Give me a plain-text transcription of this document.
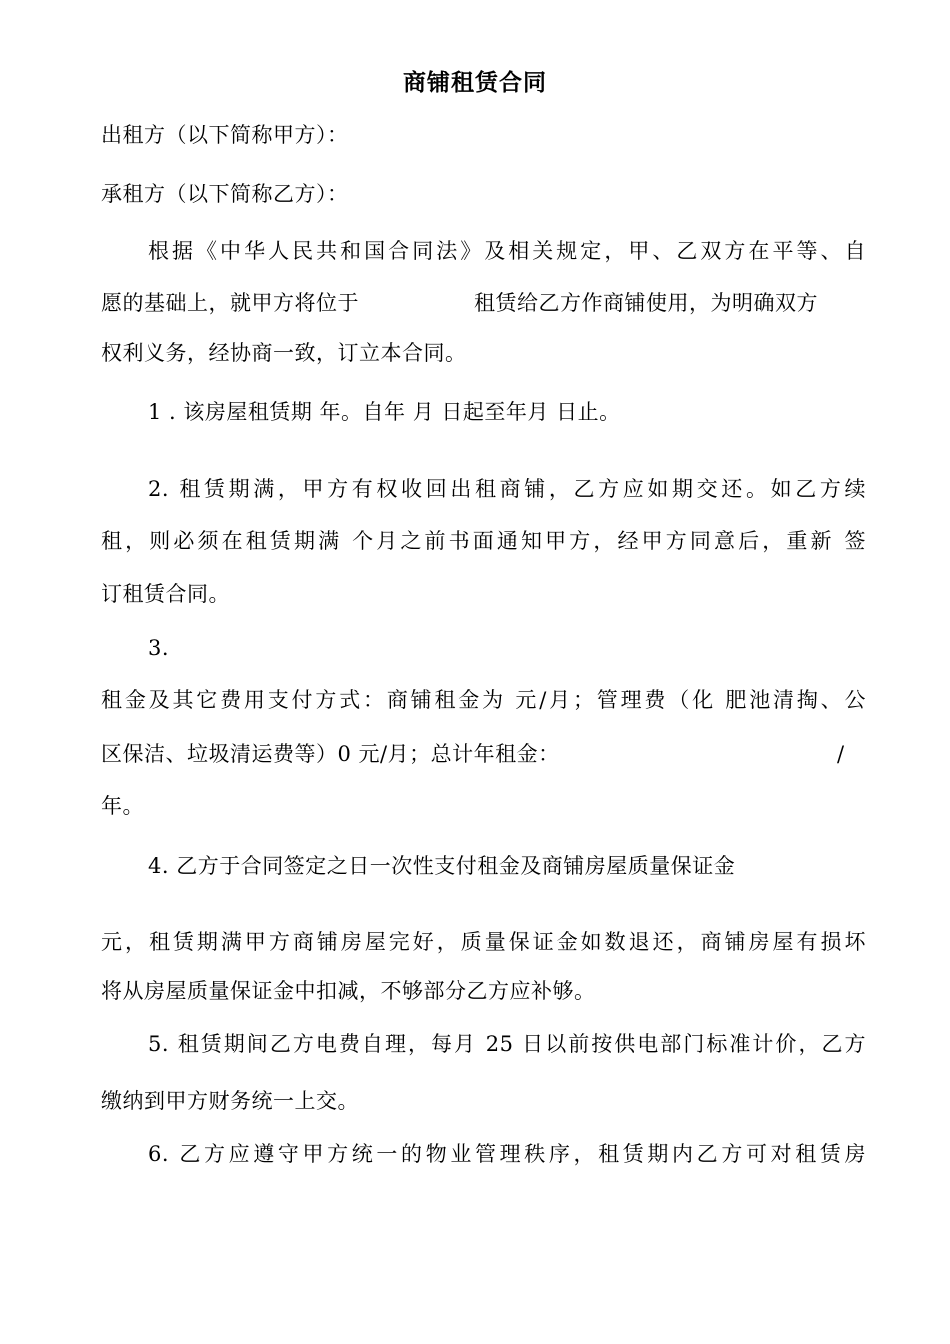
商铺租赁合同
出租方（以下简称甲方）：
承租方（以下简称乙方）：
根据《中华人民共和国合同法》及相关规定，甲、乙双方在平等、自
愿的基础上，就甲方将位于	租赁给乙方作商铺使用，为明确双方
权利义务，经协商一致，订立本合同。
1 . 该房屋租赁期 年。自年 月 日起至年月 日止。
2. 租赁期满，甲方有权收回出租商铺，乙方应如期交还。如乙方续
租，则必须在租赁期满 个月之前书面通知甲方，经甲方同意后，重新 签
订租赁合同。
3.
租金及其它费用支付方式：商铺租金为 元/月；管理费（化 肥池清掏、公
区保洁、垃圾清运费等）0 元/月；总计年租金：	/
年。
4. 乙方于合同签定之日一次性支付租金及商铺房屋质量保证金
元，租赁期满甲方商铺房屋完好，质量保证金如数退还，商铺房屋有损坏
将从房屋质量保证金中扣减，不够部分乙方应补够。
5. 租赁期间乙方电费自理，每月 25 日以前按供电部门标准计价，乙方
缴纳到甲方财务统一上交。
6. 乙方应遵守甲方统一的物业管理秩序，租赁期内乙方可对租赁房
